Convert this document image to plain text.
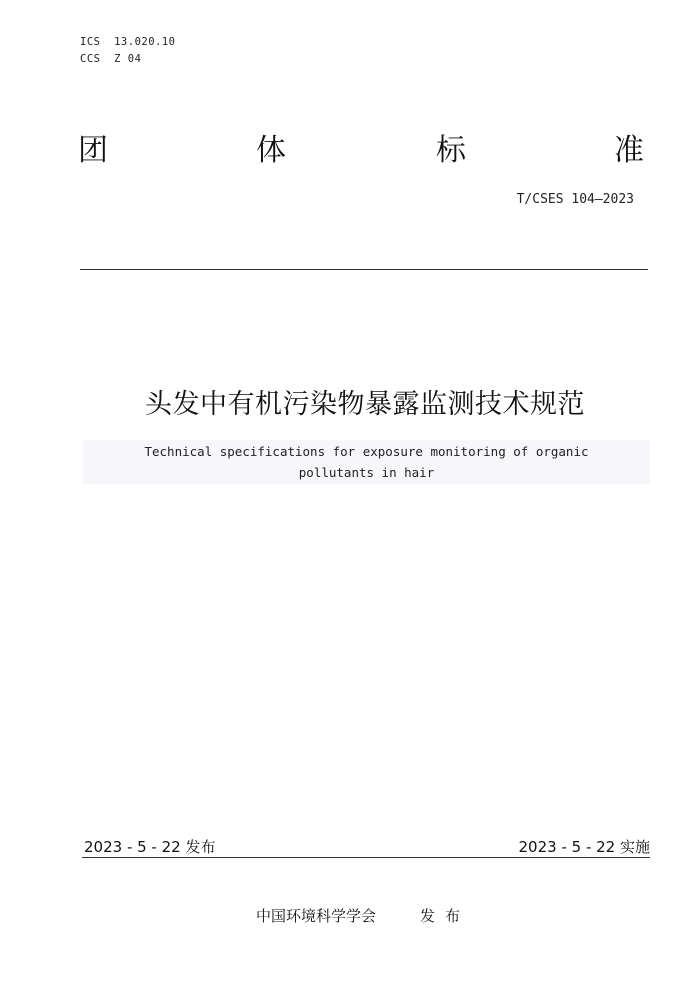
ICS  13.020.10
CCS  Z 04
团	体	标	准
T/CSES 104—2023
头发中有机污染物暴露监测技术规范
Technical specifications for exposure monitoring of organic
pollutants in hair
2023 - 5 - 22 发布	2023 - 5 - 22 实施
中国环境科学学会	发布
